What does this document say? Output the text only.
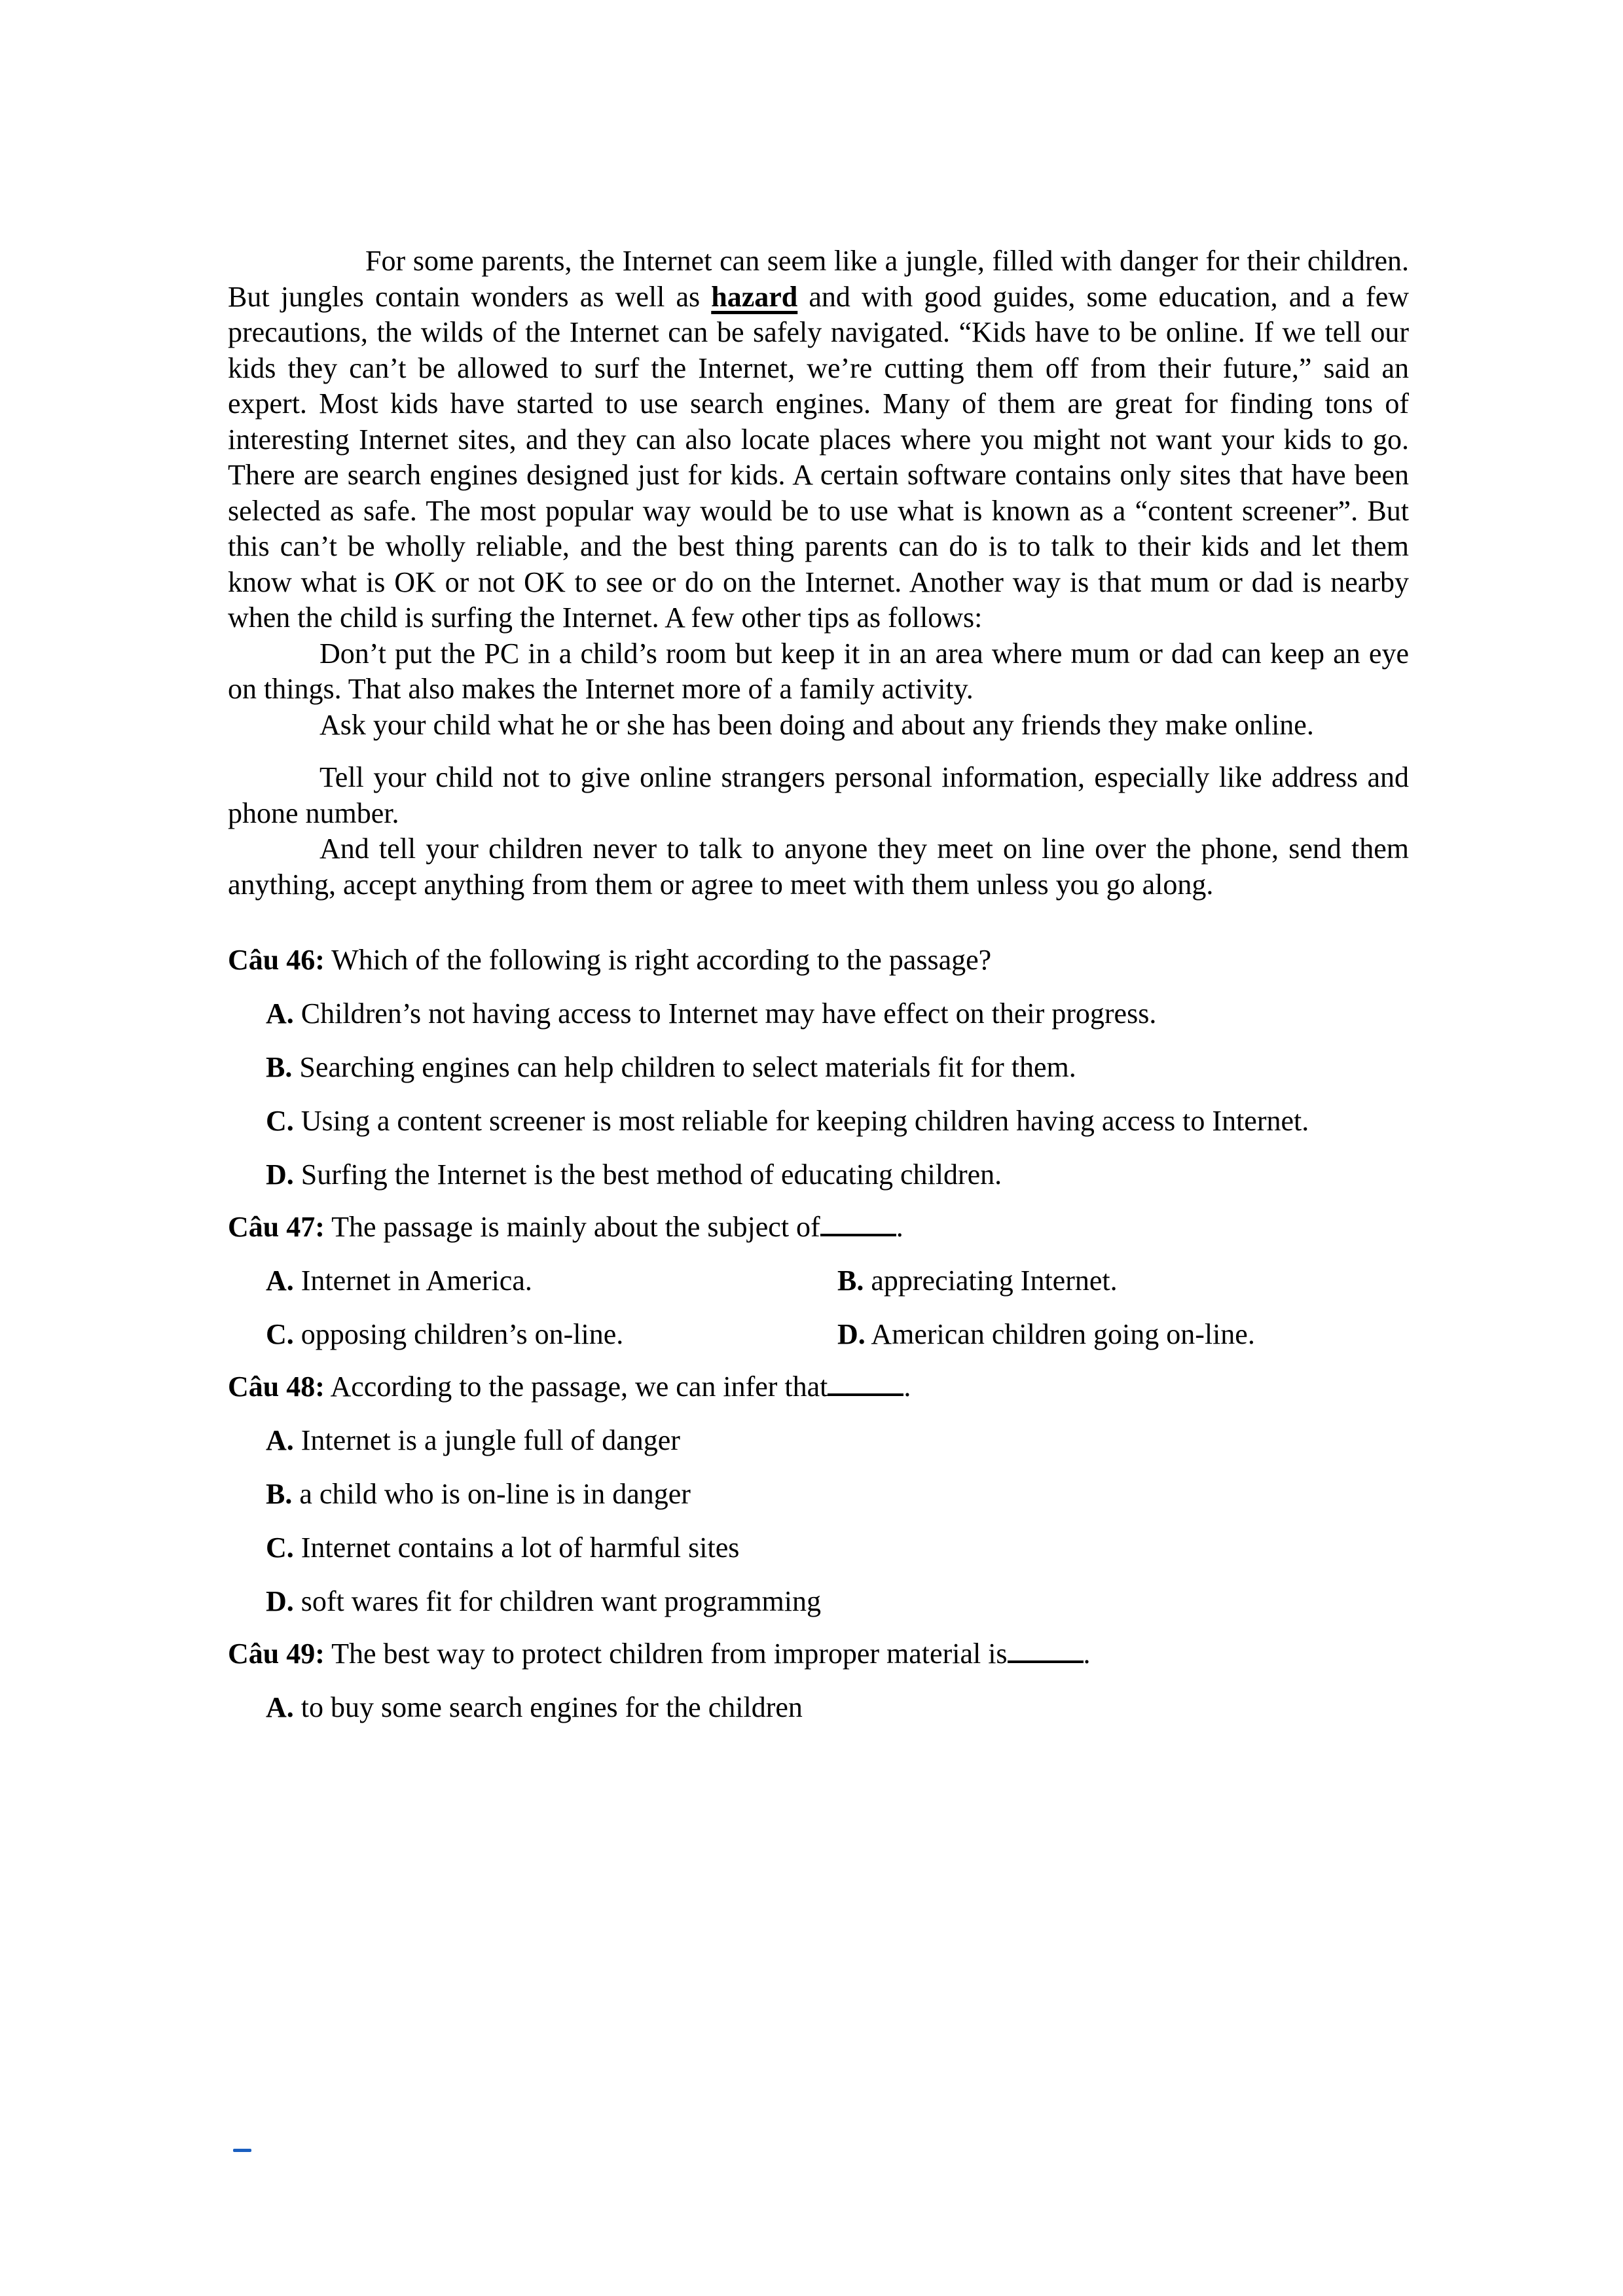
For some parents, the Internet can seem like a jungle, filled with danger for their children. But jungles contain wonders as well as hazard and with good guides, some education, and a few precautions, the wilds of the Internet can be safely navigated. “Kids have to be online. If we tell our kids they can’t be allowed to surf the Internet, we’re cutting them off from their future,” said an expert. Most kids have started to use search engines. Many of them are great for finding tons of interesting Internet sites, and they can also locate places where you might not want your kids to go. There are search engines designed just for kids. A certain software contains only sites that have been selected as safe. The most popular way would be to use what is known as a “content screener”. But this can’t be wholly reliable, and the best thing parents can do is to talk to their kids and let them know what is OK or not OK to see or do on the Internet. Another way is that mum or dad is nearby when the child is surfing the Internet. A few other tips as follows:

Don’t put the PC in a child’s room but keep it in an area where mum or dad can keep an eye on things. That also makes the Internet more of a family activity.

Ask your child what he or she has been doing and about any friends they make online.

Tell your child not to give online strangers personal information, especially like address and phone number.

And tell your children never to talk to anyone they meet on line over the phone, send them anything, accept anything from them or agree to meet with them unless you go along.

Câu 46: Which of the following is right according to the passage?

A. Children’s not having access to Internet may have effect on their progress.

B. Searching engines can help children to select materials fit for them.

C. Using a content screener is most reliable for keeping children having access to Internet.

D. Surfing the Internet is the best method of educating children.

Câu 47: The passage is mainly about the subject of	.

A. Internet in America.	B. appreciating Internet.
C. opposing children’s on-line.	D. American children going on-line.

Câu 48: According to the passage, we can infer that	.

A. Internet is a jungle full of danger

B. a child who is on-line is in danger

C. Internet contains a lot of harmful sites

D. soft wares fit for children want programming

Câu 49: The best way to protect children from improper material is	.

A. to buy some search engines for the children
